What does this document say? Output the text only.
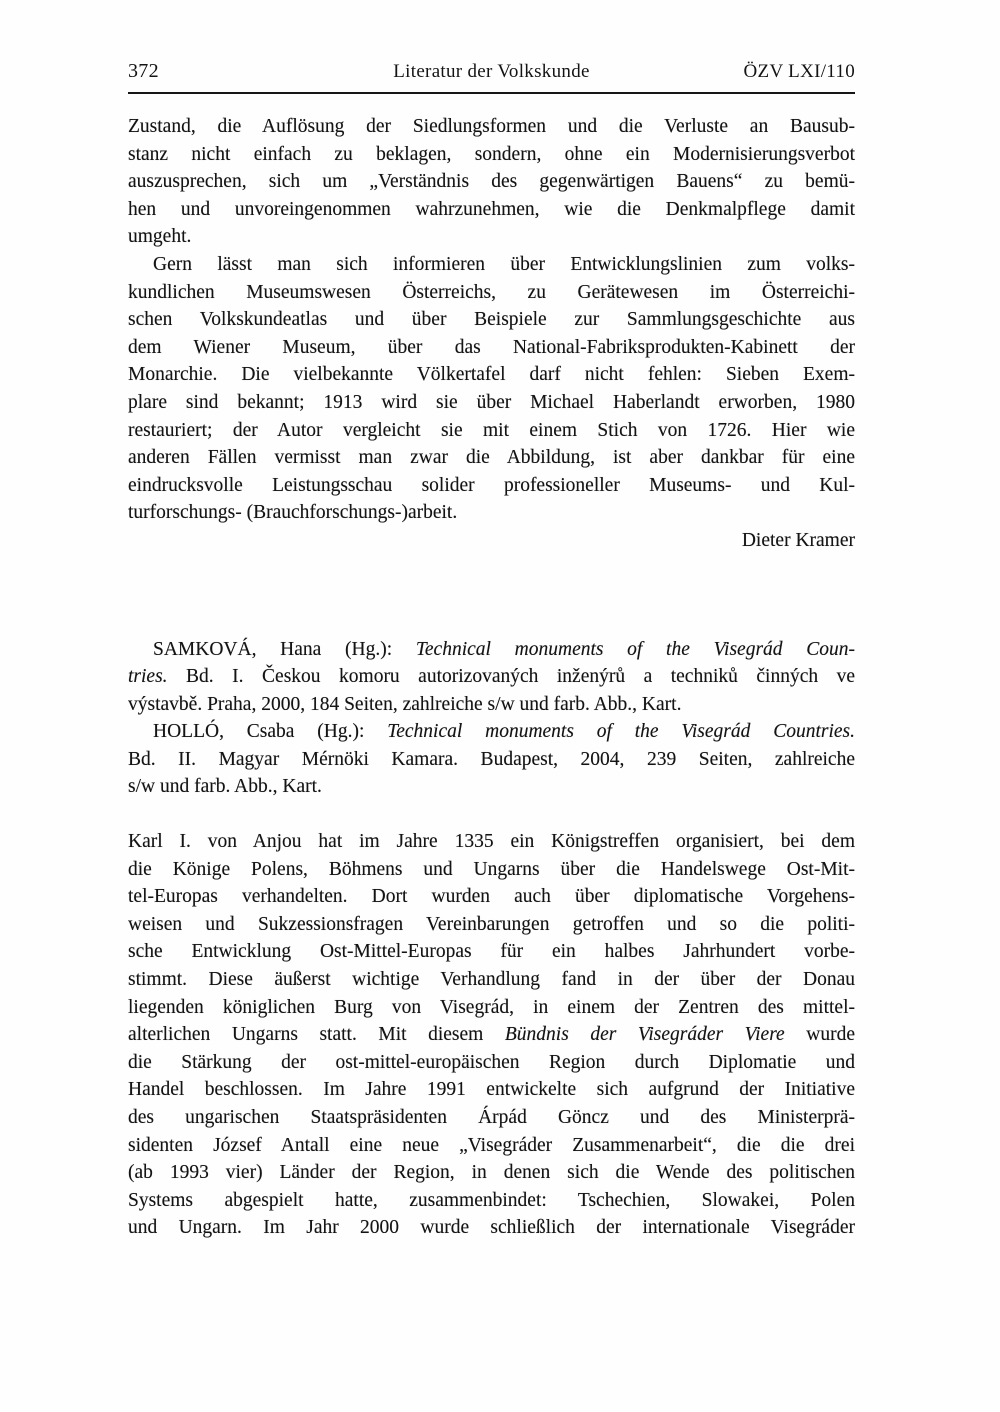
372	Literatur der Volkskunde	ÖZV LXI/110
Zustand, die Auflösung der Siedlungsformen und die Verluste an Bausub-
stanz nicht einfach zu beklagen, sondern, ohne ein Modernisierungsverbot
auszusprechen, sich um „Verständnis des gegenwärtigen Bauens“ zu bemü-
hen und unvoreingenommen wahrzunehmen, wie die Denkmalpflege damit
umgeht.
Gern lässt man sich informieren über Entwicklungslinien zum volks-
kundlichen Museumswesen Österreichs, zu Gerätewesen im Österreichi-
schen Volkskundeatlas und über Beispiele zur Sammlungsgeschichte aus
dem Wiener Museum, über das National-Fabriksprodukten-Kabinett der
Monarchie. Die vielbekannte Völkertafel darf nicht fehlen: Sieben Exem-
plare sind bekannt; 1913 wird sie über Michael Haberlandt erworben, 1980
restauriert; der Autor vergleicht sie mit einem Stich von 1726. Hier wie
anderen Fällen vermisst man zwar die Abbildung, ist aber dankbar für eine
eindrucksvolle Leistungsschau solider professioneller Museums- und Kul-
turforschungs- (Brauchforschungs-)arbeit.
Dieter Kramer
SAMKOVÁ, Hana (Hg.): Technical monuments of the Visegrád Coun-
tries. Bd. I. Českou komoru autorizovaných inženýrů a techniků činných ve
výstavbě. Praha, 2000, 184 Seiten, zahlreiche s/w und farb. Abb., Kart.
HOLLÓ, Csaba (Hg.): Technical monuments of the Visegrád Countries.
Bd. II. Magyar Mérnöki Kamara. Budapest, 2004, 239 Seiten, zahlreiche
s/w und farb. Abb., Kart.
Karl I. von Anjou hat im Jahre 1335 ein Königstreffen organisiert, bei dem
die Könige Polens, Böhmens und Ungarns über die Handelswege Ost-Mit-
tel-Europas verhandelten. Dort wurden auch über diplomatische Vorgehens-
weisen und Sukzessionsfragen Vereinbarungen getroffen und so die politi-
sche Entwicklung Ost-Mittel-Europas für ein halbes Jahrhundert vorbe-
stimmt. Diese äußerst wichtige Verhandlung fand in der über der Donau
liegenden königlichen Burg von Visegrád, in einem der Zentren des mittel-
alterlichen Ungarns statt. Mit diesem Bündnis der Visegráder Viere wurde
die Stärkung der ost-mittel-europäischen Region durch Diplomatie und
Handel beschlossen. Im Jahre 1991 entwickelte sich aufgrund der Initiative
des ungarischen Staatspräsidenten Árpád Göncz und des Ministerprä-
sidenten József Antall eine neue „Visegráder Zusammenarbeit“, die die drei
(ab 1993 vier) Länder der Region, in denen sich die Wende des politischen
Systems abgespielt hatte, zusammenbindet: Tschechien, Slowakei, Polen
und Ungarn. Im Jahr 2000 wurde schließlich der internationale Visegráder
